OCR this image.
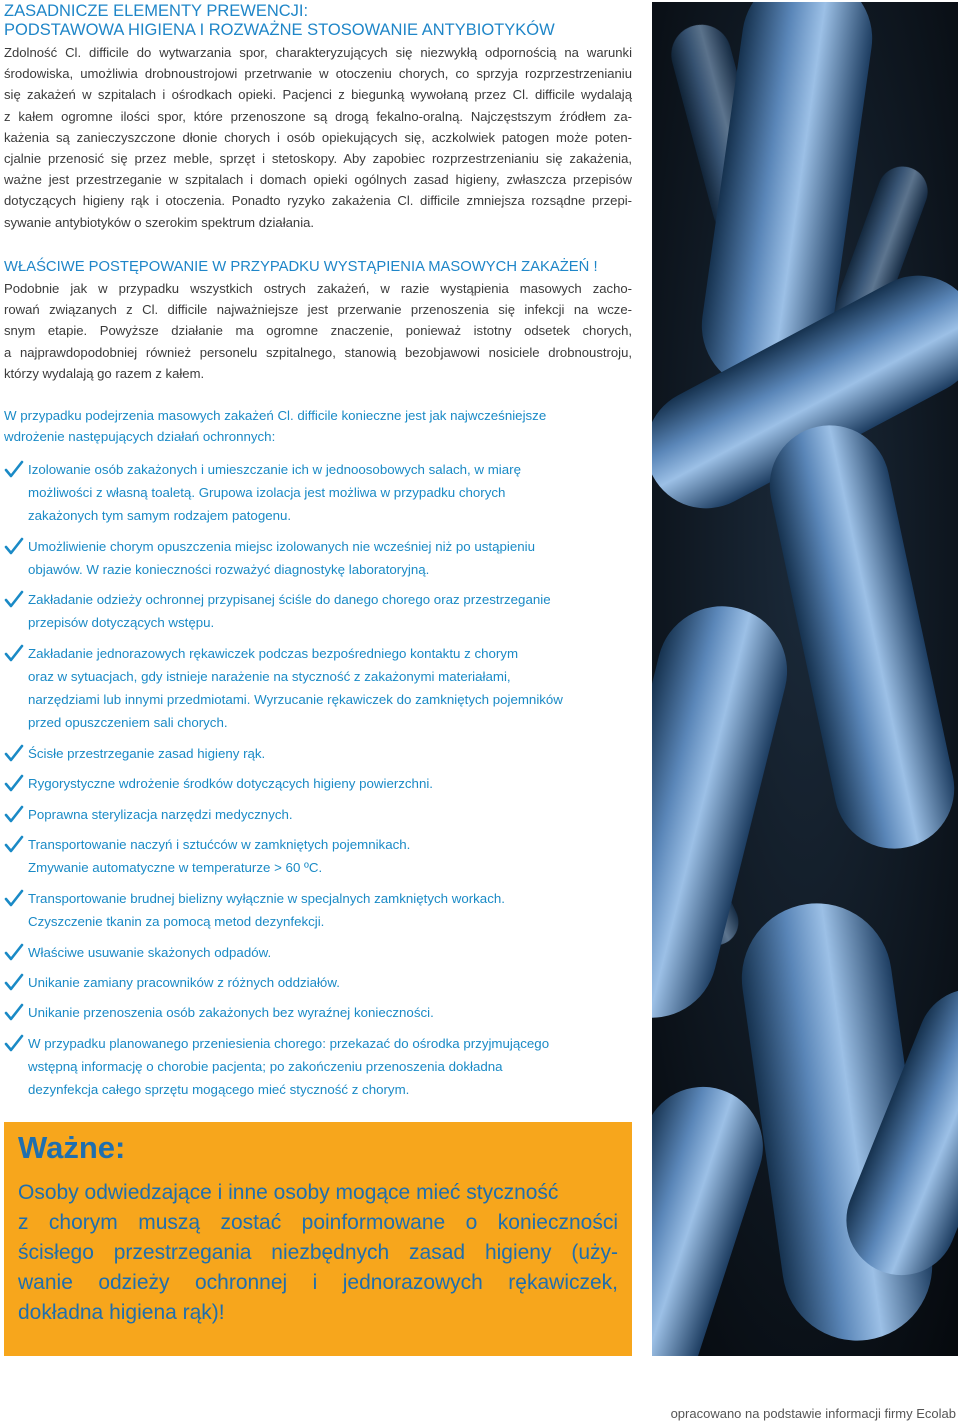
ZASADNICZE ELEMENTY PREWENCJI:
PODSTAWOWA HIGIENA I ROZWAŻNE STOSOWANIE ANTYBIOTYKÓW
Zdolność Cl. difficile do wytwarzania spor, charakteryzujących się niezwykłą odpornością na warunki
środowiska, umożliwia drobnoustrojowi przetrwanie w otoczeniu chorych, co sprzyja rozprzestrzenianiu
się zakażeń w szpitalach i ośrodkach opieki. Pacjenci z biegunką wywołaną przez Cl. difficile wydalają
z kałem ogromne ilości spor, które przenoszone są drogą fekalno-oralną. Najczęstszym źródłem za-
każenia są zanieczyszczone dłonie chorych i osób opiekujących się, aczkolwiek patogen może poten-
cjalnie przenosić się przez meble, sprzęt i stetoskopy. Aby zapobiec rozprzestrzenianiu się zakażenia,
ważne jest przestrzeganie w szpitalach i domach opieki ogólnych zasad higieny, zwłaszcza przepisów
dotyczących higieny rąk i otoczenia. Ponadto ryzyko zakażenia Cl. difficile zmniejsza rozsądne przepi-
sywanie antybiotyków o szerokim spektrum działania.
WŁAŚCIWE POSTĘPOWANIE W PRZYPADKU WYSTĄPIENIA MASOWYCH ZAKAŻEŃ !
Podobnie jak w przypadku wszystkich ostrych zakażeń, w razie wystąpienia masowych zacho-
rowań związanych z Cl. difficile najważniejsze jest przerwanie przenoszenia się infekcji na wcze-
snym etapie. Powyższe działanie ma ogromne znaczenie, ponieważ istotny odsetek chorych,
a najprawdopodobniej również personelu szpitalnego, stanowią bezobjawowi nosiciele drobnoustroju,
którzy wydalają go razem z kałem.
W przypadku podejrzenia masowych zakażeń Cl. difficile konieczne jest jak najwcześniejsze
wdrożenie następujących działań ochronnych:
Izolowanie osób zakażonych i umieszczanie ich w jednoosobowych salach, w miarę
możliwości z własną toaletą. Grupowa izolacja jest możliwa w przypadku chorych
zakażonych tym samym rodzajem patogenu.
Umożliwienie chorym opuszczenia miejsc izolowanych nie wcześniej niż po ustąpieniu
objawów. W razie konieczności rozważyć diagnostykę laboratoryjną.
Zakładanie odzieży ochronnej przypisanej ściśle do danego chorego oraz przestrzeganie
przepisów dotyczących wstępu.
Zakładanie jednorazowych rękawiczek podczas bezpośredniego kontaktu z chorym
oraz w sytuacjach, gdy istnieje narażenie na styczność z zakażonymi materiałami,
narzędziami lub innymi przedmiotami. Wyrzucanie rękawiczek do zamkniętych pojemników
przed opuszczeniem sali chorych.
Ścisłe przestrzeganie zasad higieny rąk.
Rygorystyczne wdrożenie środków dotyczących higieny powierzchni.
Poprawna sterylizacja narzędzi medycznych.
Transportowanie naczyń i sztućców w zamkniętych pojemnikach.
Zmywanie automatyczne w temperaturze > 60 ºC.
Transportowanie brudnej bielizny wyłącznie w specjalnych zamkniętych workach.
Czyszczenie tkanin za pomocą metod dezynfekcji.
Właściwe usuwanie skażonych odpadów.
Unikanie zamiany pracowników z różnych oddziałów.
Unikanie przenoszenia osób zakażonych bez wyraźnej konieczności.
W przypadku planowanego przeniesienia chorego: przekazać do ośrodka przyjmującego
wstępną informację o chorobie pacjenta; po zakończeniu przenoszenia dokładna
dezynfekcja całego sprzętu mogącego mieć styczność z chorym.
Ważne:
Osoby odwiedzające i inne osoby mogące mieć styczność
z chorym muszą zostać poinformowane o konieczności
ścisłego przestrzegania niezbędnych zasad higieny (uży-
wanie odzieży ochronnej i jednorazowych rękawiczek,
dokładna higiena rąk)!
opracowano na podstawie informacji firmy Ecolab
